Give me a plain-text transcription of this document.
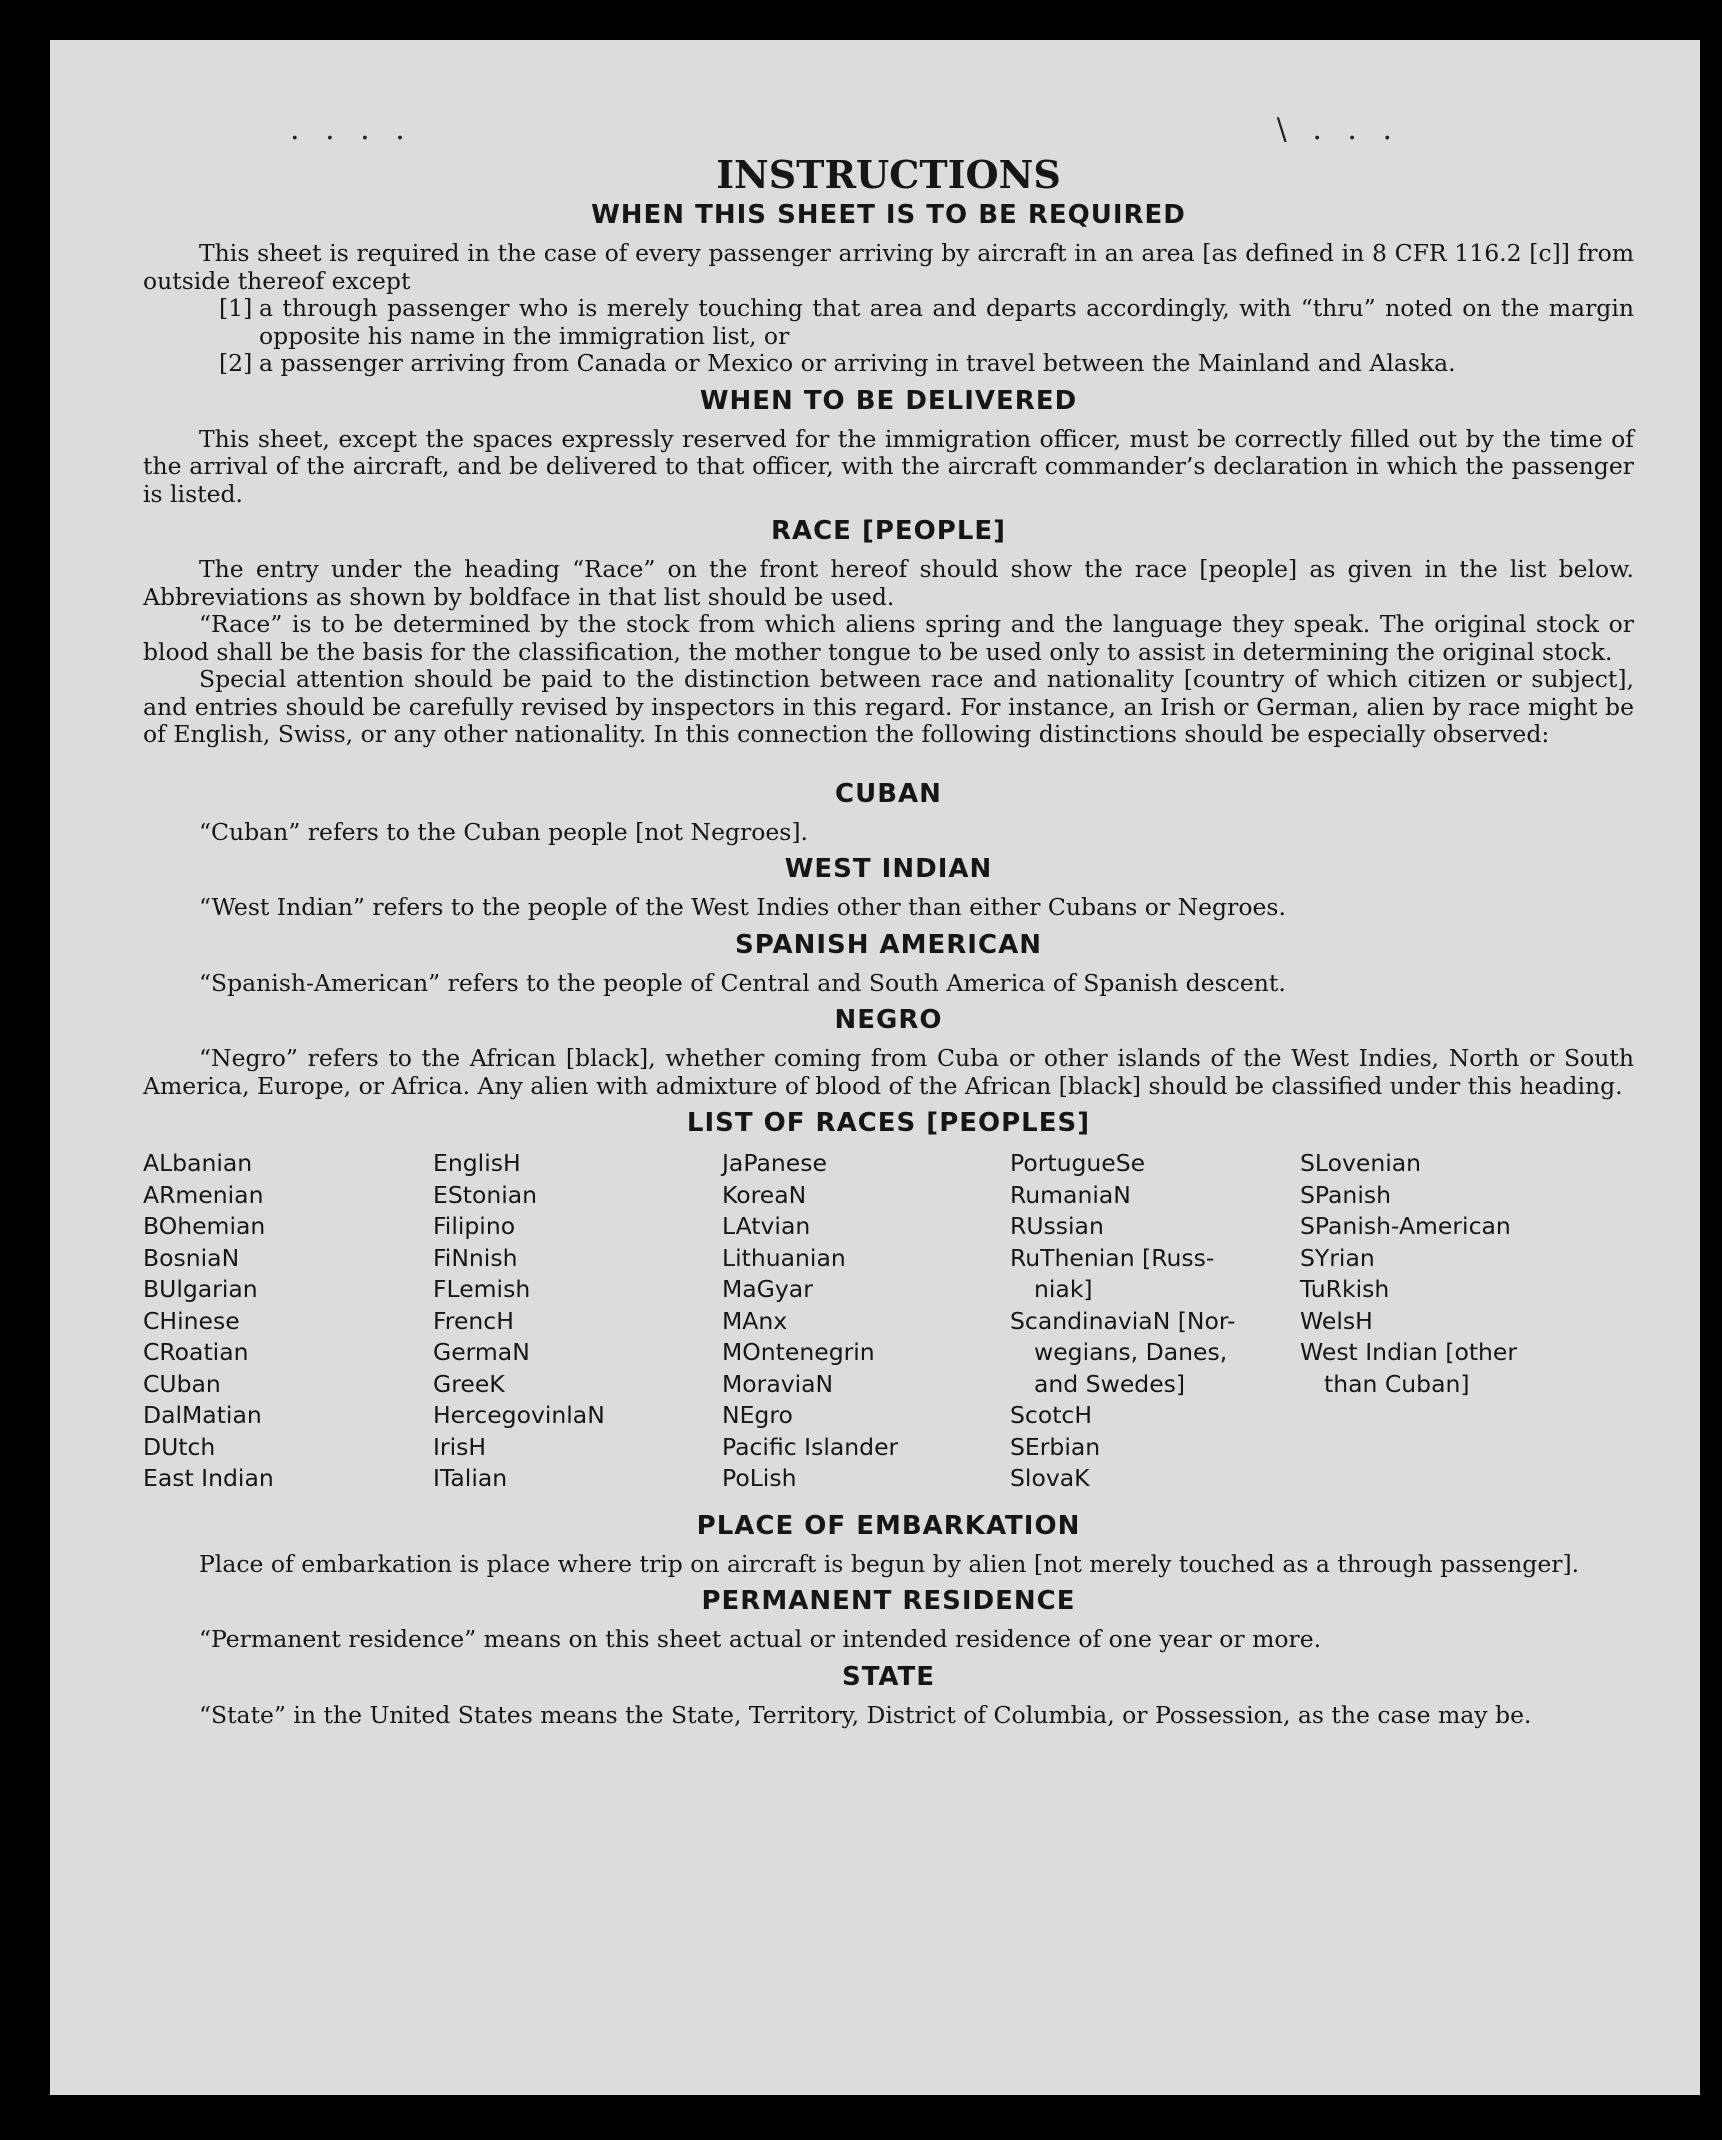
. . . .	\ . . .
INSTRUCTIONS
WHEN THIS SHEET IS TO BE REQUIRED

This sheet is required in the case of every passenger arriving by aircraft in an area [as defined in 8 CFR 116.2 [c]] from outside thereof except

[1] a through passenger who is merely touching that area and departs accordingly, with “thru” noted on the margin opposite his name in the immigration list, or
[2] a passenger arriving from Canada or Mexico or arriving in travel between the Mainland and Alaska.
WHEN TO BE DELIVERED

This sheet, except the spaces expressly reserved for the immigration officer, must be correctly filled out by the time of the arrival of the aircraft, and be delivered to that officer, with the aircraft commander’s declaration in which the passenger is listed.

RACE [PEOPLE]

The entry under the heading “Race” on the front hereof should show the race [people] as given in the list below. Abbreviations as shown by boldface in that list should be used.

“Race” is to be determined by the stock from which aliens spring and the language they speak. The original stock or blood shall be the basis for the classification, the mother tongue to be used only to assist in determining the original stock.

Special attention should be paid to the distinction between race and nationality [country of which citizen or subject], and entries should be carefully revised by inspectors in this regard. For instance, an Irish or German, alien by race might be of English, Swiss, or any other nationality. In this connection the following distinctions should be especially observed:

CUBAN

“Cuban” refers to the Cuban people [not Negroes].

WEST INDIAN

“West Indian” refers to the people of the West Indies other than either Cubans or Negroes.

SPANISH AMERICAN

“Spanish-American” refers to the people of Central and South America of Spanish descent.

NEGRO

“Negro” refers to the African [black], whether coming from Cuba or other islands of the West Indies, North or South America, Europe, or Africa. Any alien with admixture of blood of the African [black] should be classified under this heading.

LIST OF RACES [PEOPLES]
ALbanian
ARmenian
BOhemian
BosniaN
BUlgarian
CHinese
CRoatian
CUban
DalMatian
DUtch
East Indian
EnglisH
EStonian
Filipino
FiNnish
FLemish
FrencH
GermaN
GreeK
HercegovinlaN
IrisH
ITalian
JaPanese
KoreaN
LAtvian
Lithuanian
MaGyar
MAnx
MOntenegrin
MoraviaN
NEgro
Pacific Islander
PoLish
PortugueSe
RumaniaN
RUssian
RuThenian [Russ-
niak]
ScandinaviaN [Nor-
wegians, Danes,
and Swedes]
ScotcH
SErbian
SlovaK
SLovenian
SPanish
SPanish-American
SYrian
TuRkish
WelsH
West Indian [other
than Cuban]
PLACE OF EMBARKATION

Place of embarkation is place where trip on aircraft is begun by alien [not merely touched as a through passenger].

PERMANENT RESIDENCE

“Permanent residence” means on this sheet actual or intended residence of one year or more.

STATE

“State” in the United States means the State, Territory, District of Columbia, or Possession, as the case may be.
